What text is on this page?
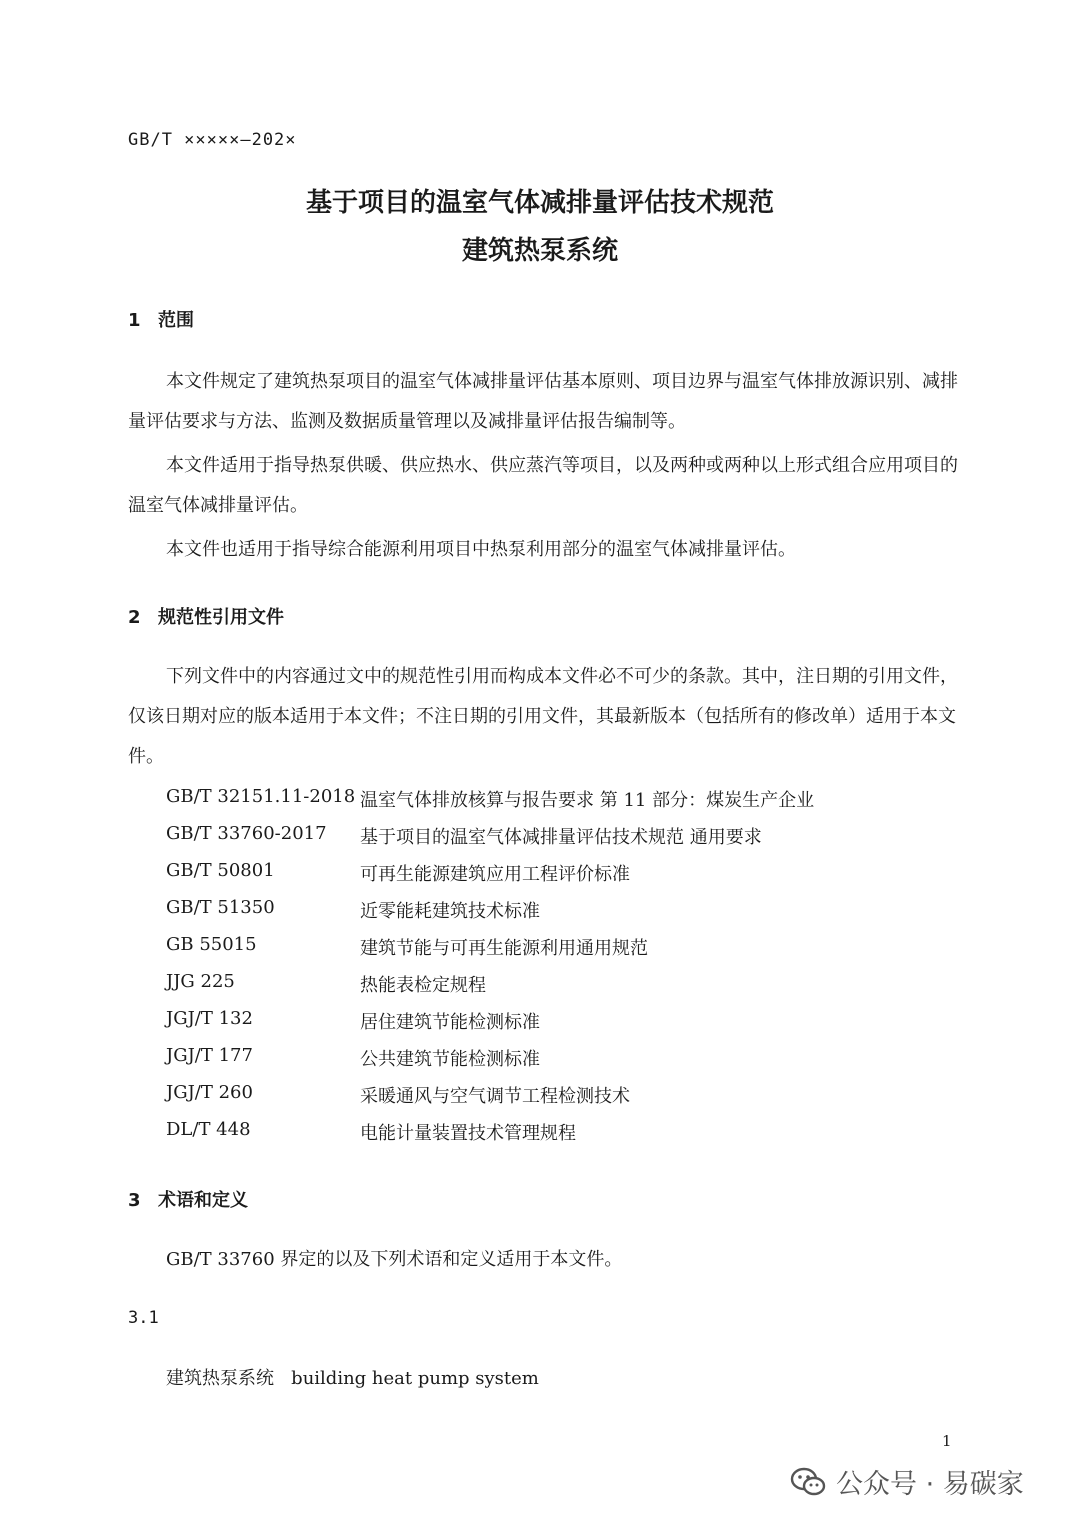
GB/T ×××××—202×
基于项目的温室气体减排量评估技术规范
建筑热泵系统
1 范围
本文件规定了建筑热泵项目的温室气体减排量评估基本原则、项目边界与温室气体排放源识别、减排量评估要求与方法、监测及数据质量管理以及减排量评估报告编制等。
本文件适用于指导热泵供暖、供应热水、供应蒸汽等项目，以及两种或两种以上形式组合应用项目的温室气体减排量评估。
本文件也适用于指导综合能源利用项目中热泵利用部分的温室气体减排量评估。
2 规范性引用文件
下列文件中的内容通过文中的规范性引用而构成本文件必不可少的条款。其中，注日期的引用文件，仅该日期对应的版本适用于本文件；不注日期的引用文件，其最新版本（包括所有的修改单）适用于本文件。
GB/T 32151.11-2018 温室气体排放核算与报告要求 第 11 部分：煤炭生产企业
GB/T 33760-2017 基于项目的温室气体减排量评估技术规范 通用要求
GB/T 50801	可再生能源建筑应用工程评价标准
GB/T 51350	近零能耗建筑技术标准
GB 55015	建筑节能与可再生能源利用通用规范
JJG 225	热能表检定规程
JGJ/T 132	居住建筑节能检测标准
JGJ/T 177	公共建筑节能检测标准
JGJ/T 260	采暖通风与空气调节工程检测技术
DL/T 448	电能计量装置技术管理规程
3 术语和定义
GB/T 33760 界定的以及下列术语和定义适用于本文件。
3.1
建筑热泵系统 building heat pump system
1
公众号 · 易碳家
